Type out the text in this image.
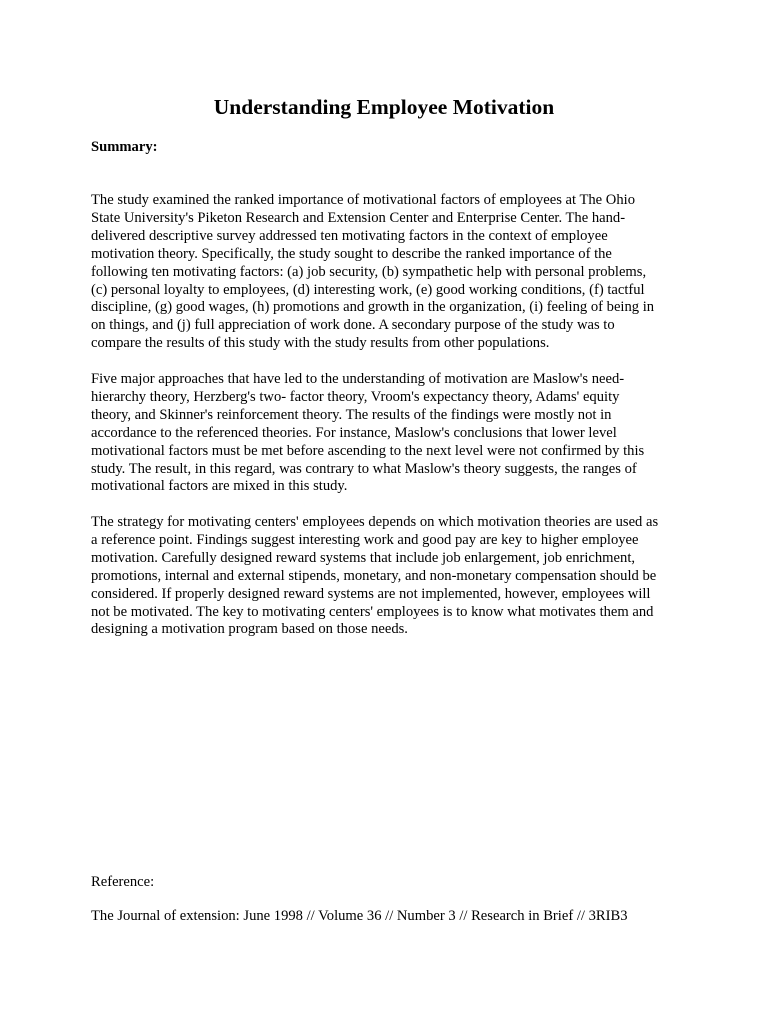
Understanding Employee Motivation

Summary:

The study examined the ranked importance of motivational factors of employees at The Ohio
State University's Piketon Research and Extension Center and Enterprise Center. The hand-
delivered descriptive survey addressed ten motivating factors in the context of employee
motivation theory. Specifically, the study sought to describe the ranked importance of the
following ten motivating factors: (a) job security, (b) sympathetic help with personal problems,
(c) personal loyalty to employees, (d) interesting work, (e) good working conditions, (f) tactful
discipline, (g) good wages, (h) promotions and growth in the organization, (i) feeling of being in
on things, and (j) full appreciation of work done. A secondary purpose of the study was to
compare the results of this study with the study results from other populations.

Five major approaches that have led to the understanding of motivation are Maslow's need-
hierarchy theory, Herzberg's two- factor theory, Vroom's expectancy theory, Adams' equity
theory, and Skinner's reinforcement theory. The results of the findings were mostly not in
accordance to the referenced theories. For instance, Maslow's conclusions that lower level
motivational factors must be met before ascending to the next level were not confirmed by this
study. The result, in this regard, was contrary to what Maslow's theory suggests, the ranges of
motivational factors are mixed in this study.

The strategy for motivating centers' employees depends on which motivation theories are used as
a reference point. Findings suggest interesting work and good pay are key to higher employee
motivation. Carefully designed reward systems that include job enlargement, job enrichment,
promotions, internal and external stipends, monetary, and non-monetary compensation should be
considered. If properly designed reward systems are not implemented, however, employees will
not be motivated. The key to motivating centers' employees is to know what motivates them and
designing a motivation program based on those needs.

Reference:

The Journal of extension: June 1998 // Volume 36 // Number 3 // Research in Brief // 3RIB3
